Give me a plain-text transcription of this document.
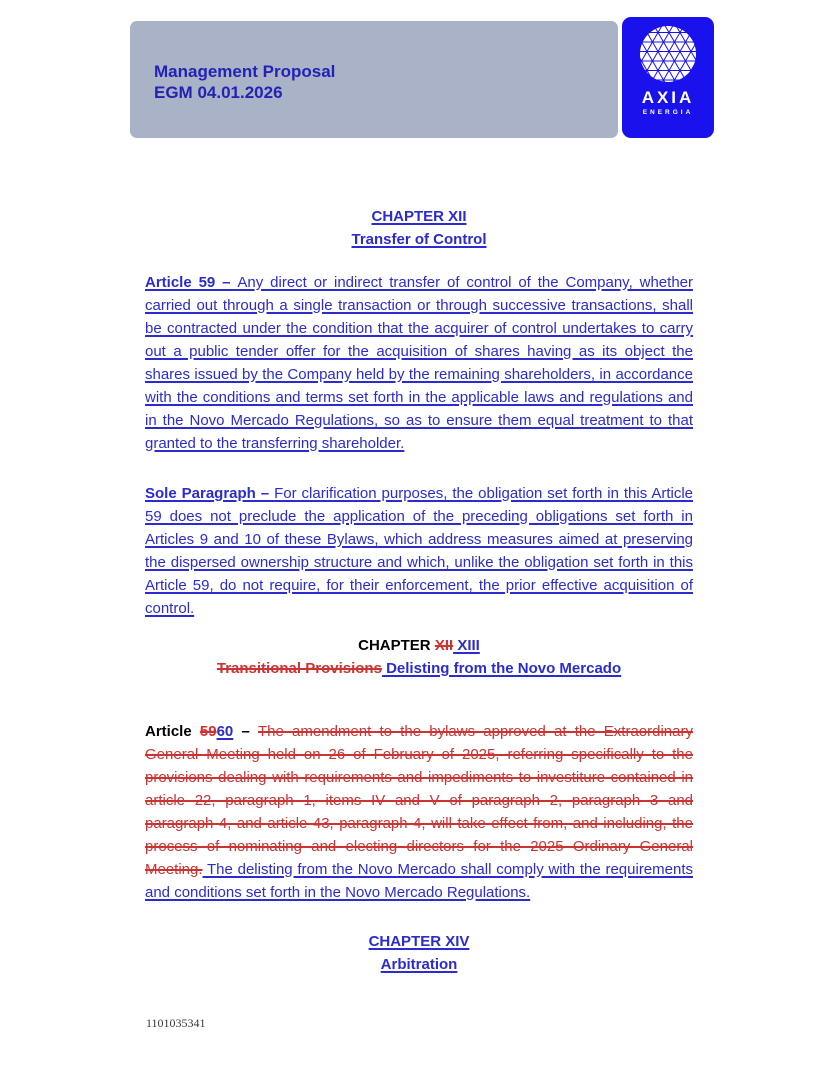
Management Proposal
EGM 04.01.2026	AXIA
ENERGIA
CHAPTER XII
Transfer of Control
Article 59 – Any direct or indirect transfer of control of the Company, whether carried out through a single transaction or through successive transactions, shall be contracted under the condition that the acquirer of control undertakes to carry out a public tender offer for the acquisition of shares having as its object the shares issued by the Company held by the remaining shareholders, in accordance with the conditions and terms set forth in the applicable laws and regulations and in the Novo Mercado Regulations, so as to ensure them equal treatment to that granted to the transferring shareholder.
Sole Paragraph – For clarification purposes, the obligation set forth in this Article 59 does not preclude the application of the preceding obligations set forth in Articles 9 and 10 of these Bylaws, which address measures aimed at preserving the dispersed ownership structure and which, unlike the obligation set forth in this Article 59, do not require, for their enforcement, the prior effective acquisition of control.
CHAPTER XII XIII
Transitional Provisions Delisting from the Novo Mercado
Article 5960 – The amendment to the bylaws approved at the Extraordinary General Meeting held on 26 of February of 2025, referring specifically to the provisions dealing with requirements and impediments to investiture contained in article 22, paragraph 1, items IV and V of paragraph 2, paragraph 3 and paragraph 4, and article 43, paragraph 4, will take effect from, and including, the process of nominating and electing directors for the 2025 Ordinary General Meeting. The delisting from the Novo Mercado shall comply with the requirements and conditions set forth in the Novo Mercado Regulations.
CHAPTER XIV
Arbitration
1101035341
